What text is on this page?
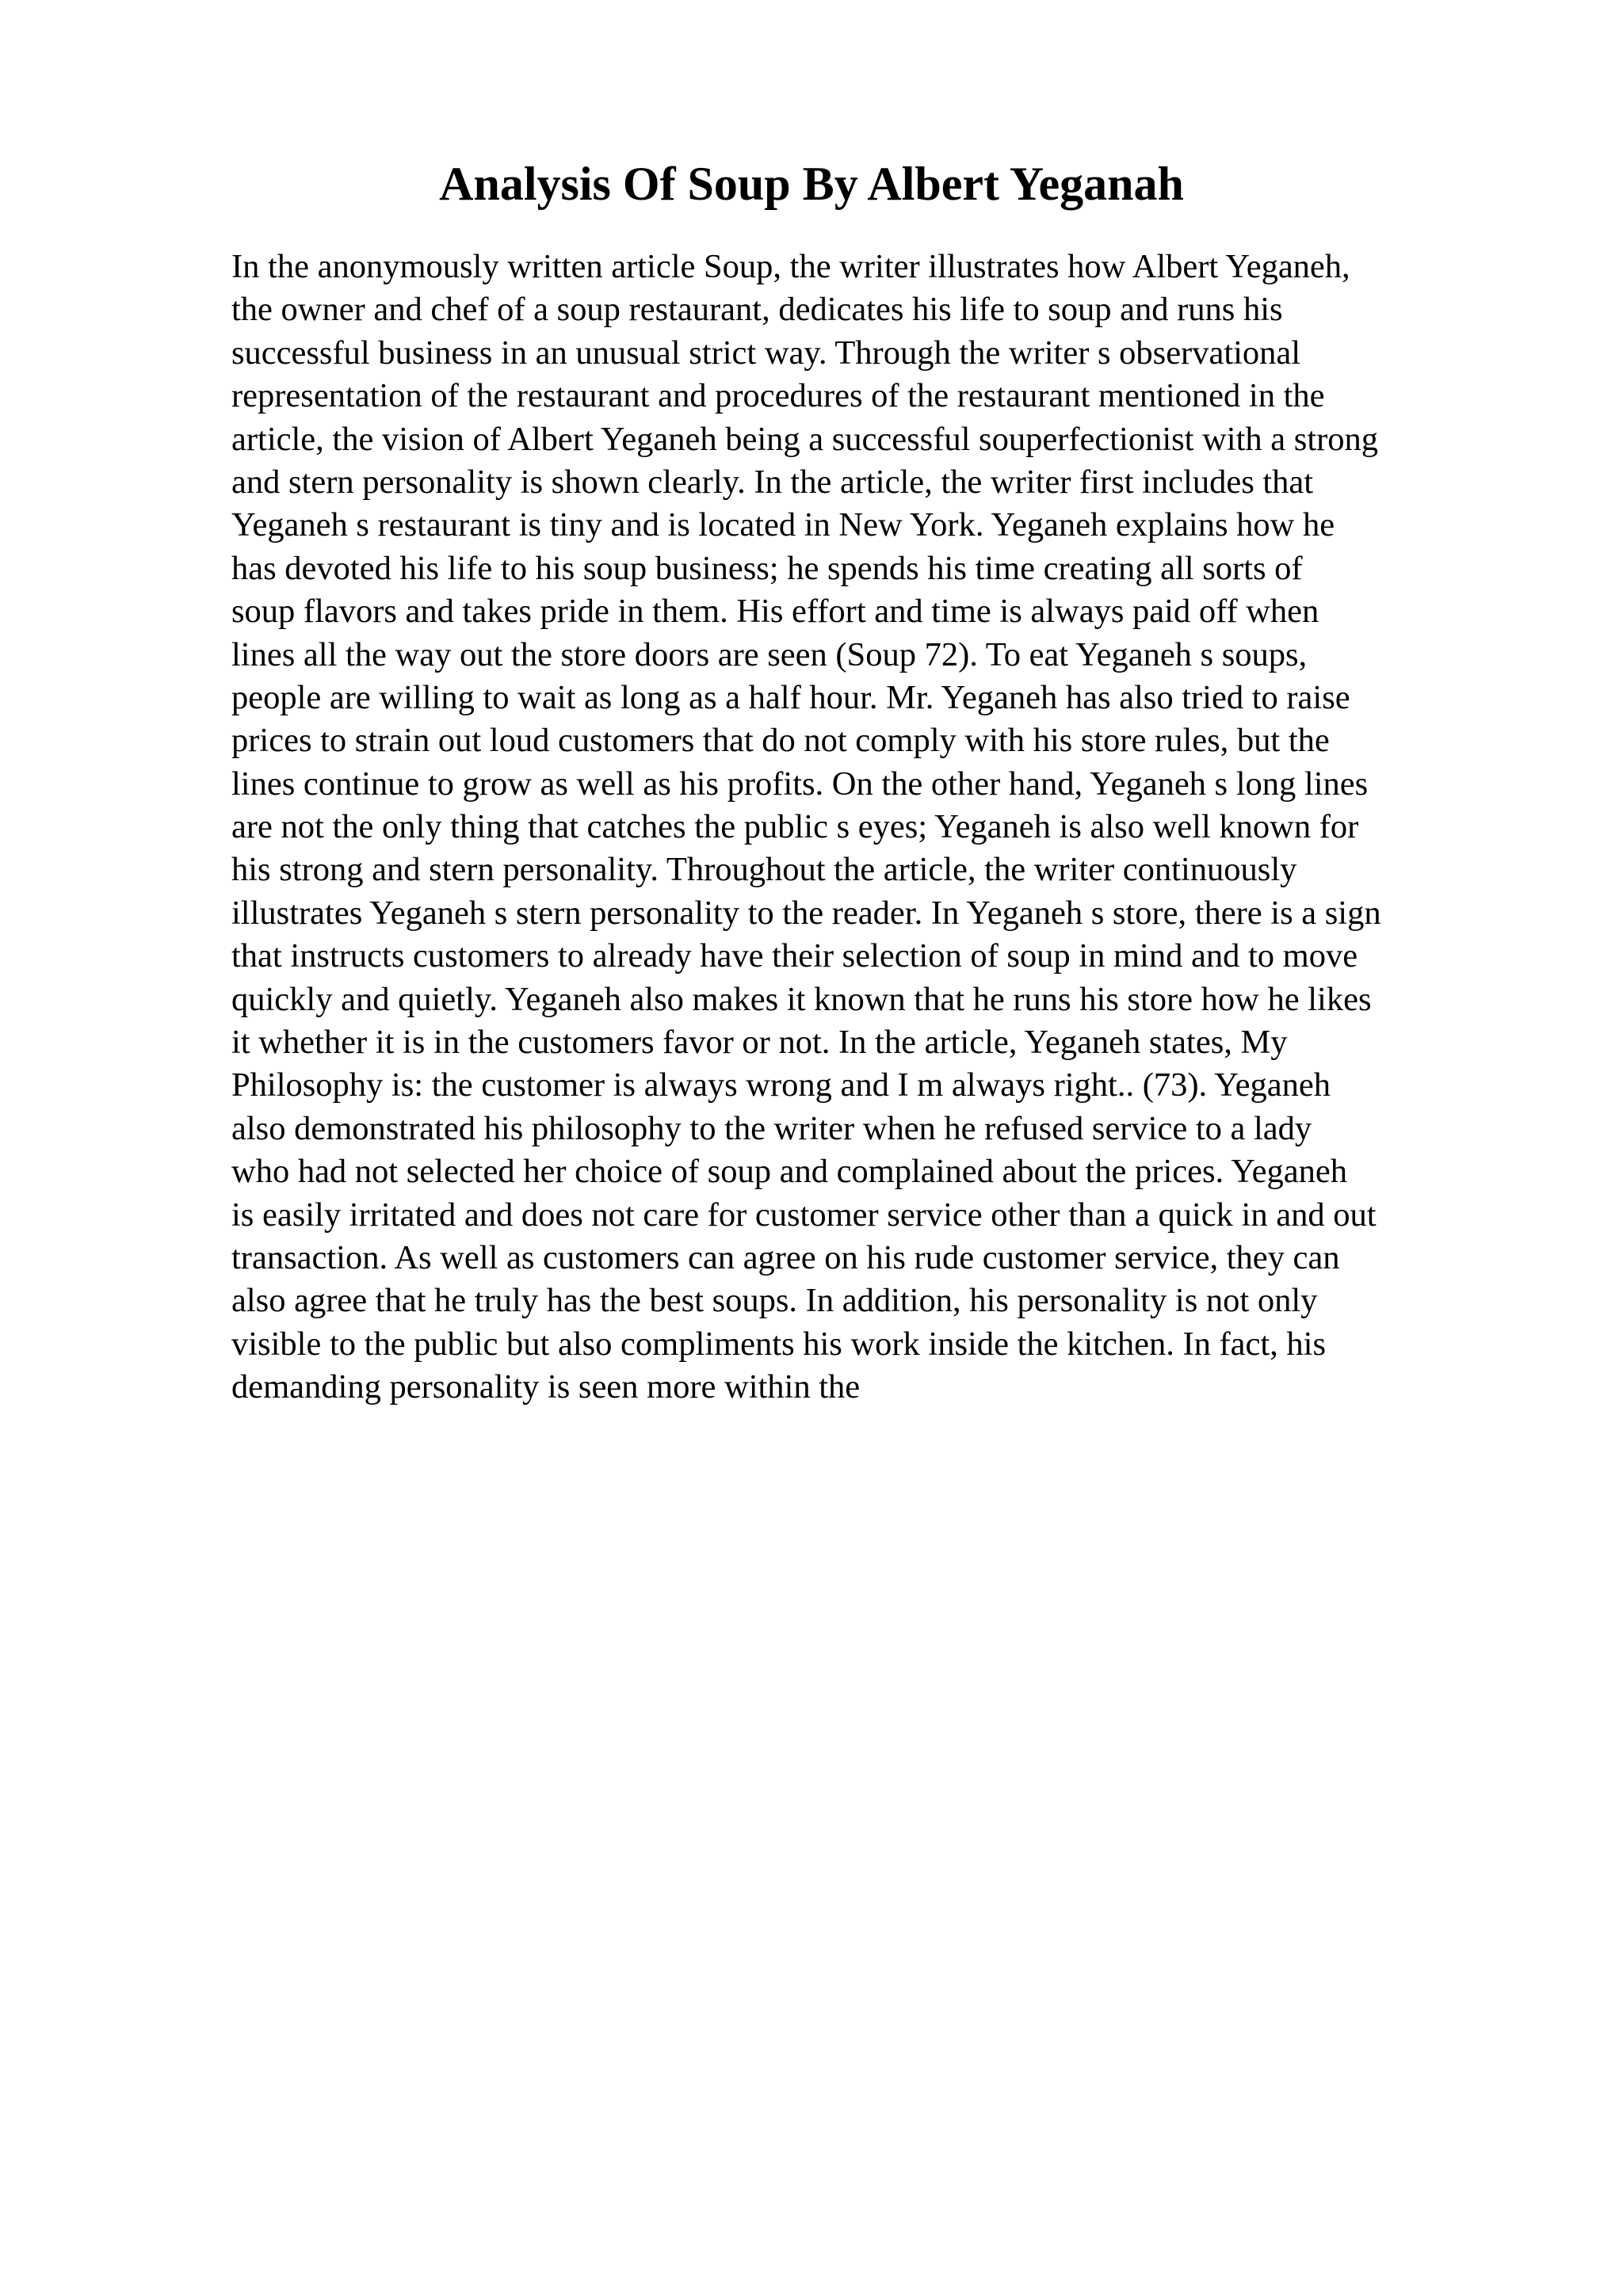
Analysis Of Soup By Albert Yeganah
In the anonymously written article Soup, the writer illustrates how Albert Yeganeh,
the owner and chef of a soup restaurant, dedicates his life to soup and runs his
successful business in an unusual strict way. Through the writer s observational
representation of the restaurant and procedures of the restaurant mentioned in the
article, the vision of Albert Yeganeh being a successful souperfectionist with a strong
and stern personality is shown clearly. In the article, the writer first includes that
Yeganeh s restaurant is tiny and is located in New York. Yeganeh explains how he
has devoted his life to his soup business; he spends his time creating all sorts of
soup flavors and takes pride in them. His effort and time is always paid off when
lines all the way out the store doors are seen (Soup 72). To eat Yeganeh s soups,
people are willing to wait as long as a half hour. Mr. Yeganeh has also tried to raise
prices to strain out loud customers that do not comply with his store rules, but the
lines continue to grow as well as his profits. On the other hand, Yeganeh s long lines
are not the only thing that catches the public s eyes; Yeganeh is also well known for
his strong and stern personality. Throughout the article, the writer continuously
illustrates Yeganeh s stern personality to the reader. In Yeganeh s store, there is a sign
that instructs customers to already have their selection of soup in mind and to move
quickly and quietly. Yeganeh also makes it known that he runs his store how he likes
it whether it is in the customers favor or not. In the article, Yeganeh states, My
Philosophy is: the customer is always wrong and I m always right.. (73). Yeganeh
also demonstrated his philosophy to the writer when he refused service to a lady
who had not selected her choice of soup and complained about the prices. Yeganeh
is easily irritated and does not care for customer service other than a quick in and out
transaction. As well as customers can agree on his rude customer service, they can
also agree that he truly has the best soups. In addition, his personality is not only
visible to the public but also compliments his work inside the kitchen. In fact, his
demanding personality is seen more within the
